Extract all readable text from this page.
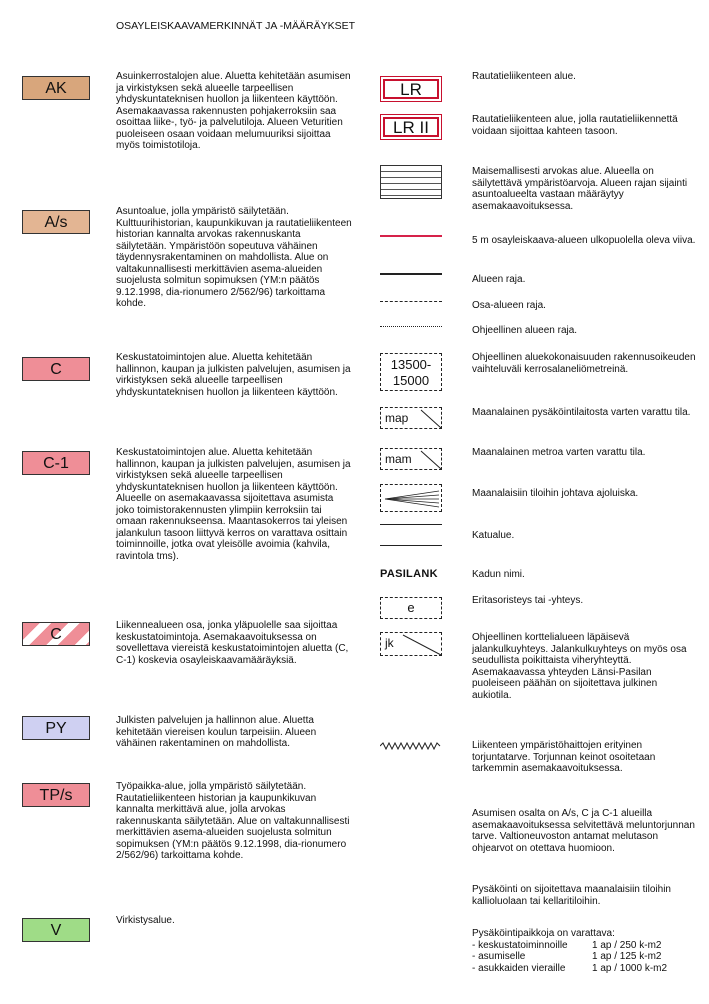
OSAYLEISKAAVAMERKINNÄT JA -MÄÄRÄYKSET
AK
Asuinkerrostalojen alue. Aluetta kehitetään asumisen ja virkistyksen sekä alueelle tarpeellisen yhdyskuntateknisen huollon ja liikenteen käyttöön. Asemakaavassa rakennusten pohjakerroksiin saa osoittaa liike-, työ- ja palvelutiloja. Alueen Veturitien puoleiseen osaan voidaan melumuuriksi sijoittaa myös toimistotiloja.
A/s
Asuntoalue, jolla ympäristö säilytetään. Kulttuurihistorian, kaupunkikuvan ja rautatieliikenteen historian kannalta arvokas rakennuskanta säilytetään. Ympäristöön sopeutuva vähäinen täydennysrakentaminen on mahdollista. Alue on valtakunnallisesti merkittävien asema-alueiden suojelusta solmitun sopimuksen (YM:n päätös 9.12.1998, dia-rionumero 2/562/96) tarkoittama kohde.
C
Keskustatoimintojen alue. Aluetta kehitetään hallinnon, kaupan ja julkisten palvelujen, asumisen ja virkistyksen sekä alueelle tarpeellisen yhdyskuntateknisen huollon ja liikenteen käyttöön.
C-1
Keskustatoimintojen alue. Aluetta kehitetään hallinnon, kaupan ja julkisten palvelujen, asumisen ja virkistyksen sekä alueelle tarpeellisen yhdyskuntateknisen huollon ja liikenteen käyttöön. Alueelle on asemakaavassa sijoitettava asumista joko toimistorakennusten ylimpiin kerroksiin tai omaan rakennukseensa. Maantasokerros tai yleisen jalankulun tasoon liittyvä kerros on varattava osittain toiminnoille, jotka ovat yleisölle avoimia (kahvila, ravintola tms).
C
Liikennealueen osa, jonka yläpuolelle saa sijoittaa keskustatoimintoja. Asemakaavoituksessa on sovellettava viereistä keskustatoimintojen aluetta (C, C-1) koskevia osayleiskaavamääräyksiä.
PY	Julkisten palvelujen ja hallinnon alue. Aluetta kehitetään viereisen koulun tarpeisiin. Alueen vähäinen rakentaminen on mahdollista.
TP/s
Työpaikka-alue, jolla ympäristö säilytetään. Rautatieliikenteen historian ja kaupunkikuvan kannalta merkittävä alue, jolla arvokas rakennuskanta säilytetään. Alue on valtakunnallisesti merkittävien asema-alueiden suojelusta solmitun sopimuksen (YM:n päätös 9.12.1998, dia-rionumero 2/562/96) tarkoittama kohde.
V
Virkistysalue.
LR
Rautatieliikenteen alue.
LR II	Rautatieliikenteen alue, jolla rautatieliikennettä voidaan sijoittaa kahteen tasoon.
Maisemallisesti arvokas alue. Alueella on säilytettävä ympäristöarvoja. Alueen rajan sijainti asuntoalueelta vastaan määräytyy asemakaavoituksessa.
5 m osayleiskaava-alueen ulkopuolella oleva viiva.
Alueen raja.
Osa-alueen raja.
Ohjeellinen alueen raja.
13500- 15000
Ohjeellinen aluekokonaisuuden rakennusoikeuden vaihteluväli kerrosalaneliömetreinä.
map	Maanalainen pysäköintilaitosta varten varattu tila.
mam	Maanalainen metroa varten varattu tila.
Maanalaisiin tiloihin johtava ajoluiska.
Katualue.
PASILANK	Kadun nimi.
e	Eritasoristeys tai -yhteys.
jk	Ohjeellinen korttelialueen läpäisevä jalankulkuyhteys. Jalankulkuyhteys on myös osa seudullista poikittaista viheryhteyttä. Asemakaavassa yhteyden Länsi-Pasilan puoleiseen päähän on sijoitettava julkinen aukiotila.
Liikenteen ympäristöhaittojen erityinen torjuntatarve. Torjunnan keinot osoitetaan tarkemmin asemakaavoituksessa.
Asumisen osalta on A/s, C ja C-1 alueilla asemakaavoituksessa selvitettävä meluntorjunnan tarve. Valtioneuvoston antamat melutason ohjearvot on otettava huomioon.
Pysäköinti on sijoitettava maanalaisiin tiloihin kallioluolaan tai kellaritiloihin.
Pysäköintipaikkoja on varattava:
- keskustatoiminnoille	1 ap / 250 k-m2
- asumiselle	1 ap / 125 k-m2
- asukkaiden vieraille	1 ap / 1000 k-m2
